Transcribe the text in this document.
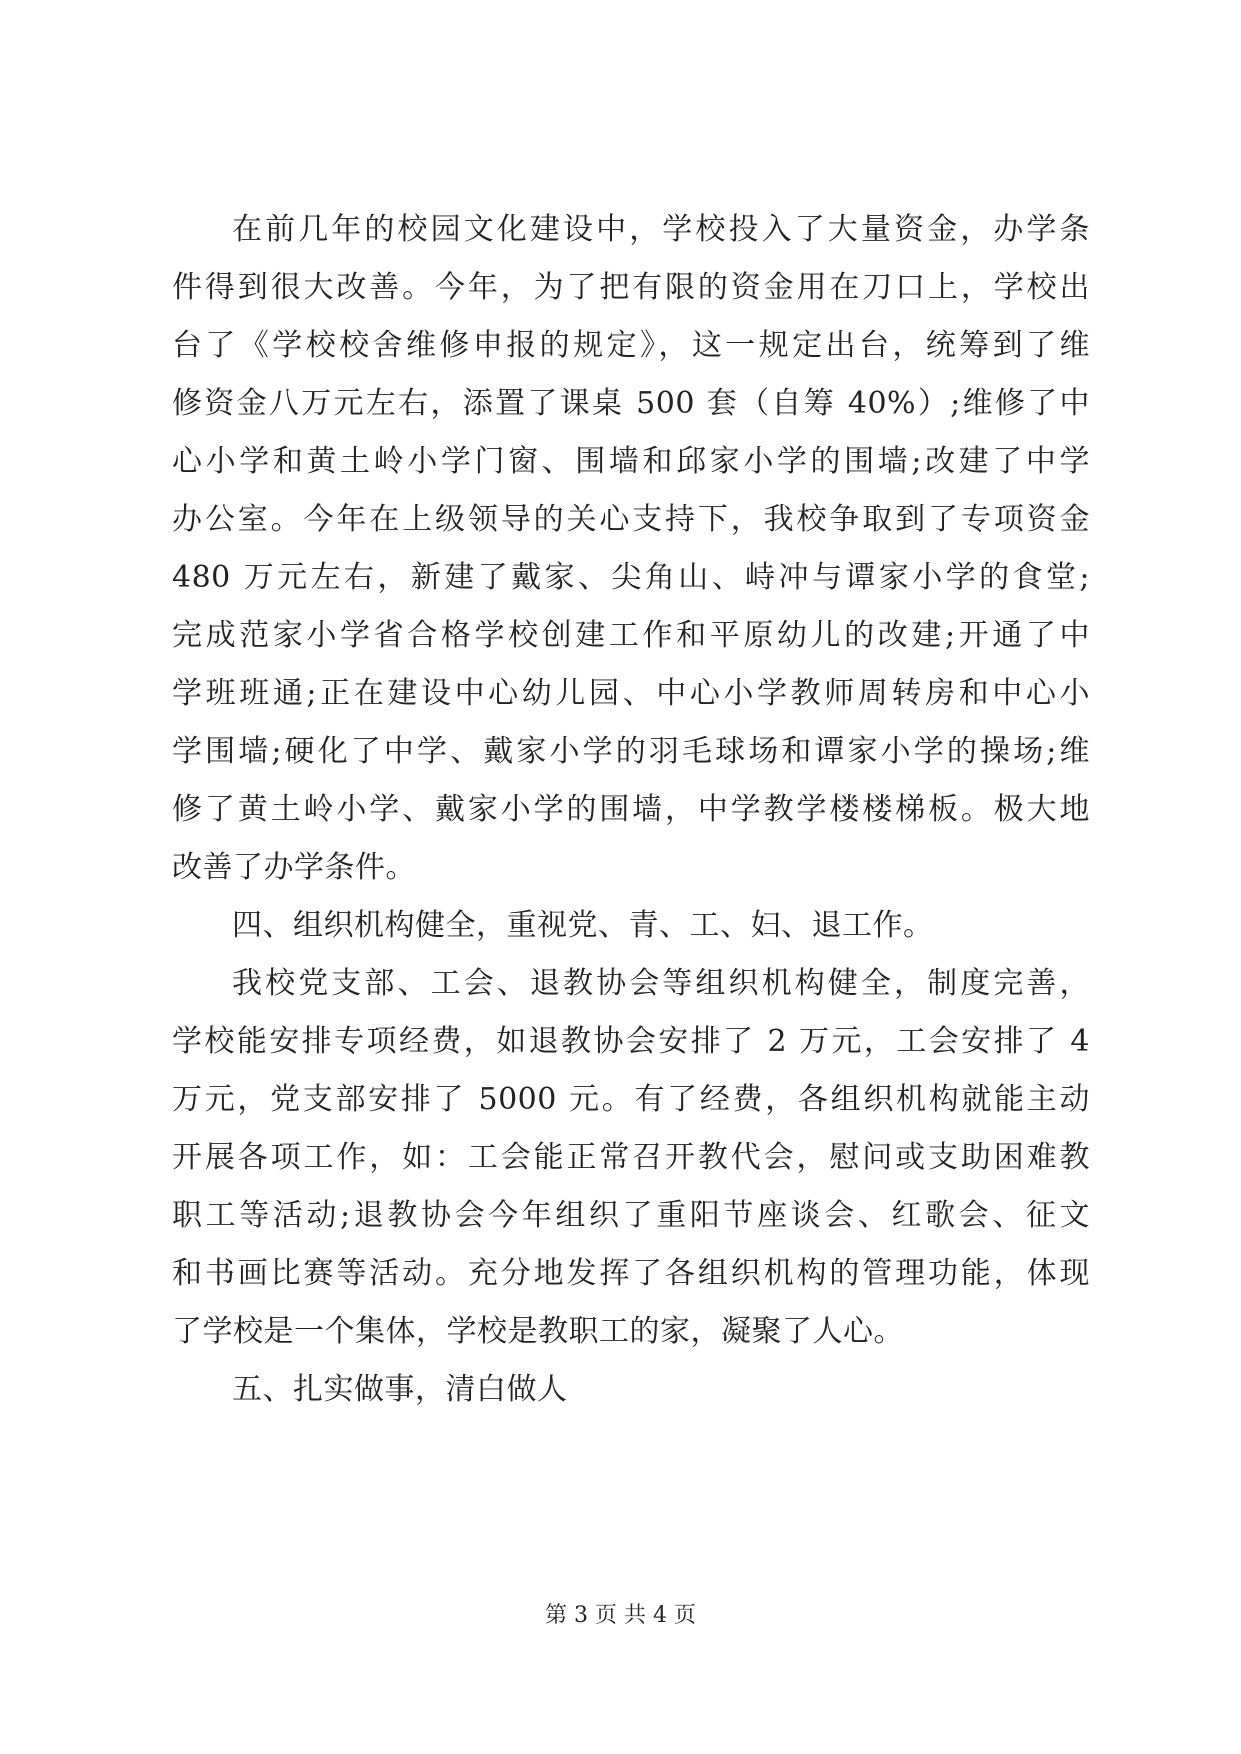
在前几年的校园文化建设中，学校投入了大量资金，办学条
件得到很大改善。今年，为了把有限的资金用在刀口上，学校出
台了《学校校舍维修申报的规定》，这一规定出台，统筹到了维
修资金八万元左右，添置了课桌 500 套（自筹 40%）;维修了中
心小学和黄土岭小学门窗、围墙和邱家小学的围墙;改建了中学
办公室。今年在上级领导的关心支持下，我校争取到了专项资金
480 万元左右，新建了戴家、尖角山、峙冲与谭家小学的食堂;
完成范家小学省合格学校创建工作和平原幼儿的改建;开通了中
学班班通;正在建设中心幼儿园、中心小学教师周转房和中心小
学围墙;硬化了中学、戴家小学的羽毛球场和谭家小学的操场;维
修了黄土岭小学、戴家小学的围墙，中学教学楼楼梯板。极大地
改善了办学条件。
四、组织机构健全，重视党、青、工、妇、退工作。
我校党支部、工会、退教协会等组织机构健全，制度完善，
学校能安排专项经费，如退教协会安排了 2 万元，工会安排了 4
万元，党支部安排了 5000 元。有了经费，各组织机构就能主动
开展各项工作，如：工会能正常召开教代会，慰问或支助困难教
职工等活动;退教协会今年组织了重阳节座谈会、红歌会、征文
和书画比赛等活动。充分地发挥了各组织机构的管理功能，体现
了学校是一个集体，学校是教职工的家，凝聚了人心。
五、扎实做事，清白做人
第 3 页 共 4 页
